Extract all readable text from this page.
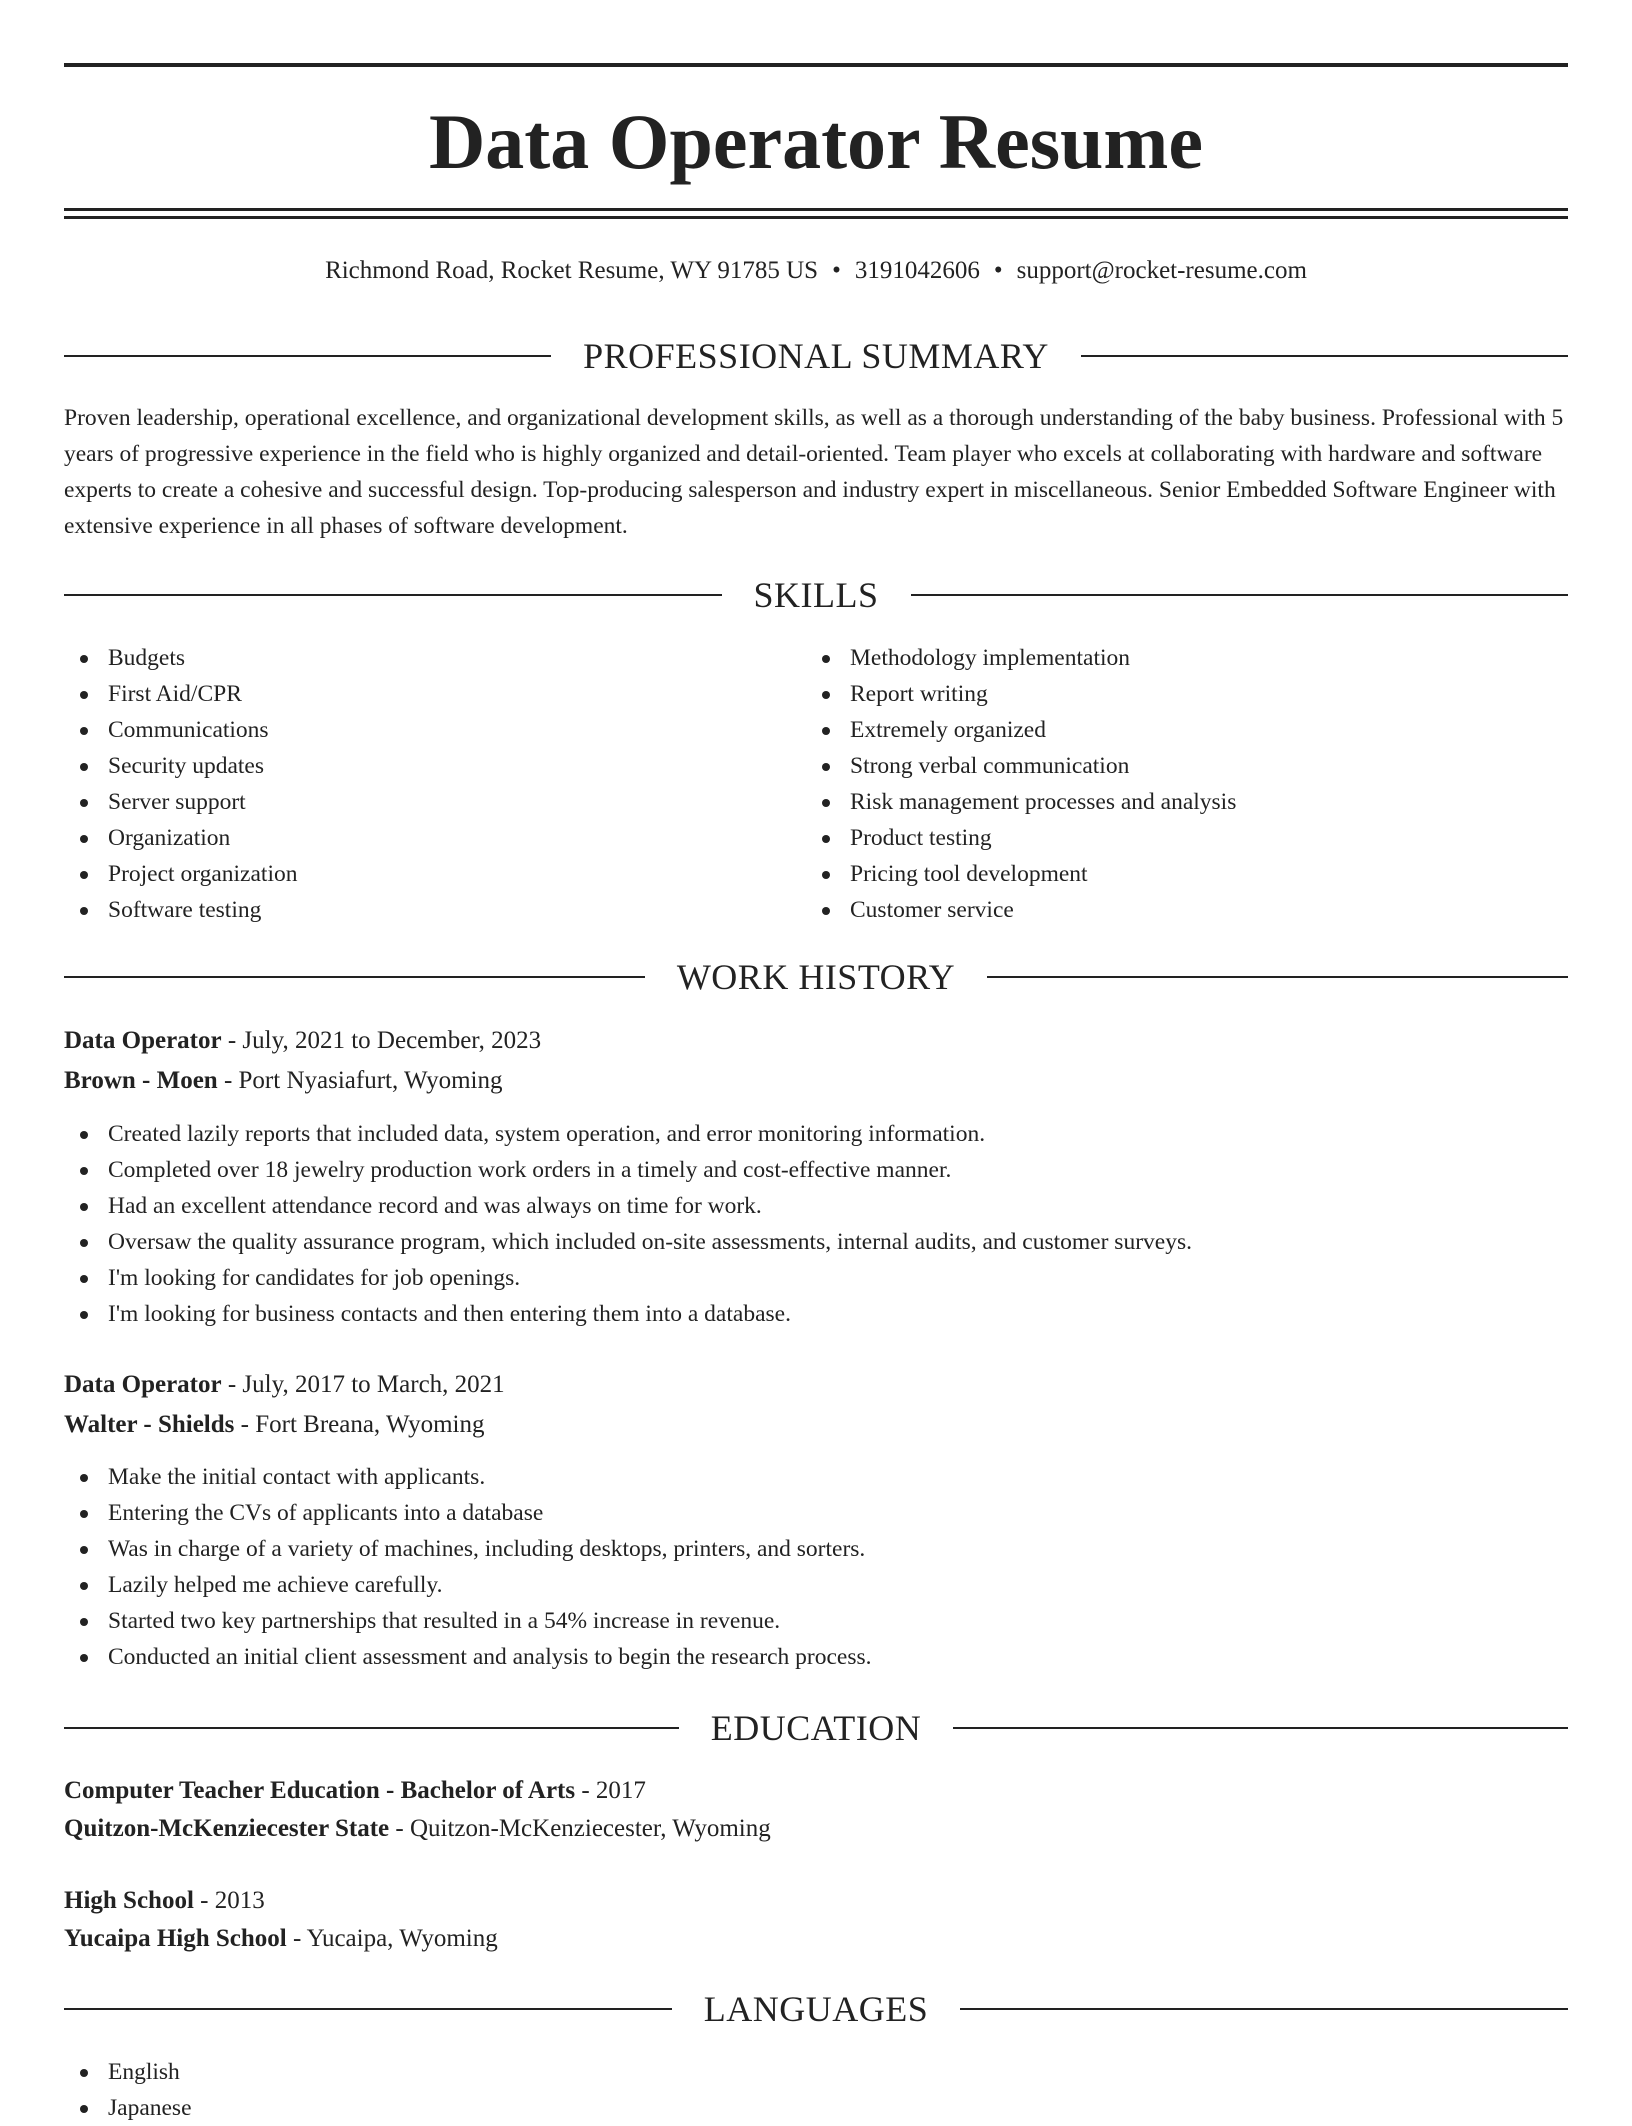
Data Operator Resume
Richmond Road, Rocket Resume, WY 91785 US • 3191042606 • support@rocket-resume.com
PROFESSIONAL SUMMARY

Proven leadership, operational excellence, and organizational development skills, as well as a thorough understanding of the baby business. Professional with 5 years of progressive experience in the field who is highly organized and detail-oriented. Team player who excels at collaborating with hardware and software experts to create a cohesive and successful design. Top-producing salesperson and industry expert in miscellaneous. Senior Embedded Software Engineer with extensive experience in all phases of software development.

SKILLS
Budgets
First Aid/CPR
Communications
Security updates
Server support
Organization
Project organization
Software testing
Methodology implementation
Report writing
Extremely organized
Strong verbal communication
Risk management processes and analysis
Product testing
Pricing tool development
Customer service
WORK HISTORY
Data Operator - July, 2021 to December, 2023
Brown - Moen - Port Nyasiafurt, Wyoming
Created lazily reports that included data, system operation, and error monitoring information.
Completed over 18 jewelry production work orders in a timely and cost-effective manner.
Had an excellent attendance record and was always on time for work.
Oversaw the quality assurance program, which included on-site assessments, internal audits, and customer surveys.
I'm looking for candidates for job openings.
I'm looking for business contacts and then entering them into a database.
Data Operator - July, 2017 to March, 2021
Walter - Shields - Fort Breana, Wyoming
Make the initial contact with applicants.
Entering the CVs of applicants into a database
Was in charge of a variety of machines, including desktops, printers, and sorters.
Lazily helped me achieve carefully.
Started two key partnerships that resulted in a 54% increase in revenue.
Conducted an initial client assessment and analysis to begin the research process.
EDUCATION
Computer Teacher Education - Bachelor of Arts - 2017
Quitzon-McKenziecester State - Quitzon-McKenziecester, Wyoming
High School - 2013
Yucaipa High School - Yucaipa, Wyoming
LANGUAGES
English
Japanese
